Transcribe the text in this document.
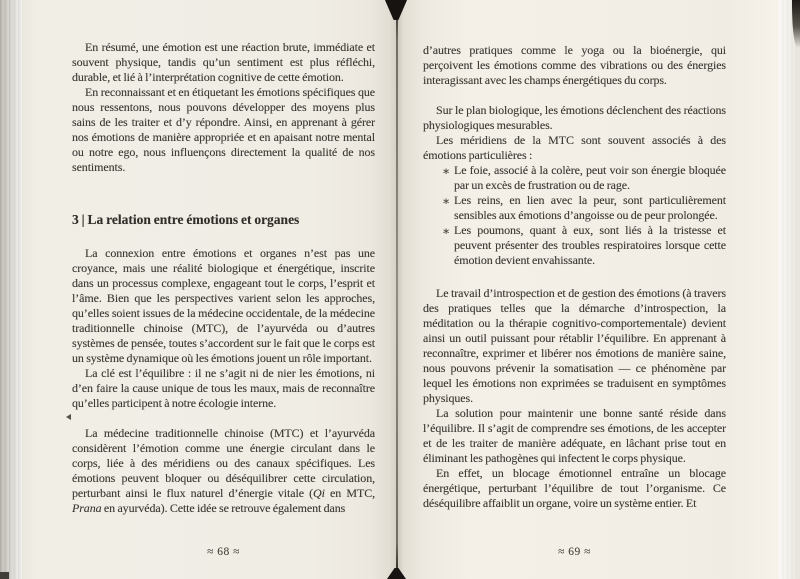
En résumé, une émotion est une réaction brute, immédiate et souvent physique, tandis qu’un sentiment est plus réfléchi, durable, et lié à l’interprétation cognitive de cette émotion.

En reconnaissant et en étiquetant les émotions spécifiques que nous ressentons, nous pouvons développer des moyens plus sains de les traiter et d’y répondre. Ainsi, en apprenant à gérer nos émotions de manière appropriée et en apaisant notre mental ou notre ego, nous influençons directement la qualité de nos sentiments.

3 | La relation entre émotions et organes

La connexion entre émotions et organes n’est pas une croyance, mais une réalité biologique et énergétique, inscrite dans un processus complexe, engageant tout le corps, l’esprit et l’âme. Bien que les perspectives varient selon les approches, qu’elles soient issues de la médecine occidentale, de la médecine traditionnelle chinoise (MTC), de l’ayurvéda ou d’autres systèmes de pensée, toutes s’accordent sur le fait que le corps est un système dynamique où les émotions jouent un rôle important.

La clé est l’équilibre : il ne s’agit ni de nier les émotions, ni d’en faire la cause unique de tous les maux, mais de reconnaître qu’elles participent à notre écologie interne.

La médecine traditionnelle chinoise (MTC) et l’ayurvéda considèrent l’émotion comme une énergie circulant dans le corps, liée à des méridiens ou des canaux spécifiques. Les émotions peuvent bloquer ou déséquilibrer cette circulation, perturbant ainsi le flux naturel d’énergie vitale (Qi en MTC, Prana en ayurvéda). Cette idée se retrouve également dans

≈ 68 ≈

d’autres pratiques comme le yoga ou la bioénergie, qui perçoivent les émotions comme des vibrations ou des énergies interagissant avec les champs énergétiques du corps.

Sur le plan biologique, les émotions déclenchent des réactions physiologiques mesurables.

Les méridiens de la MTC sont souvent associés à des émotions particulières :

∗ Le foie, associé à la colère, peut voir son énergie bloquée par un excès de frustration ou de rage.
∗ Les reins, en lien avec la peur, sont particulièrement sensibles aux émotions d’angoisse ou de peur prolongée.
∗ Les poumons, quant à eux, sont liés à la tristesse et peuvent présenter des troubles respiratoires lorsque cette émotion devient envahissante.

Le travail d’introspection et de gestion des émotions (à travers des pratiques telles que la démarche d’introspection, la méditation ou la thérapie cognitivo-comportementale) devient ainsi un outil puissant pour rétablir l’équilibre. En apprenant à reconnaître, exprimer et libérer nos émotions de manière saine, nous pouvons prévenir la somatisation — ce phénomène par lequel les émotions non exprimées se traduisent en symptômes physiques.

La solution pour maintenir une bonne santé réside dans l’équilibre. Il s’agit de comprendre ses émotions, de les accepter et de les traiter de manière adéquate, en lâchant prise tout en éliminant les pathogènes qui infectent le corps physique.

En effet, un blocage émotionnel entraîne un blocage énergétique, perturbant l’équilibre de tout l’organisme. Ce déséquilibre affaiblit un organe, voire un système entier. Et

≈ 69 ≈
